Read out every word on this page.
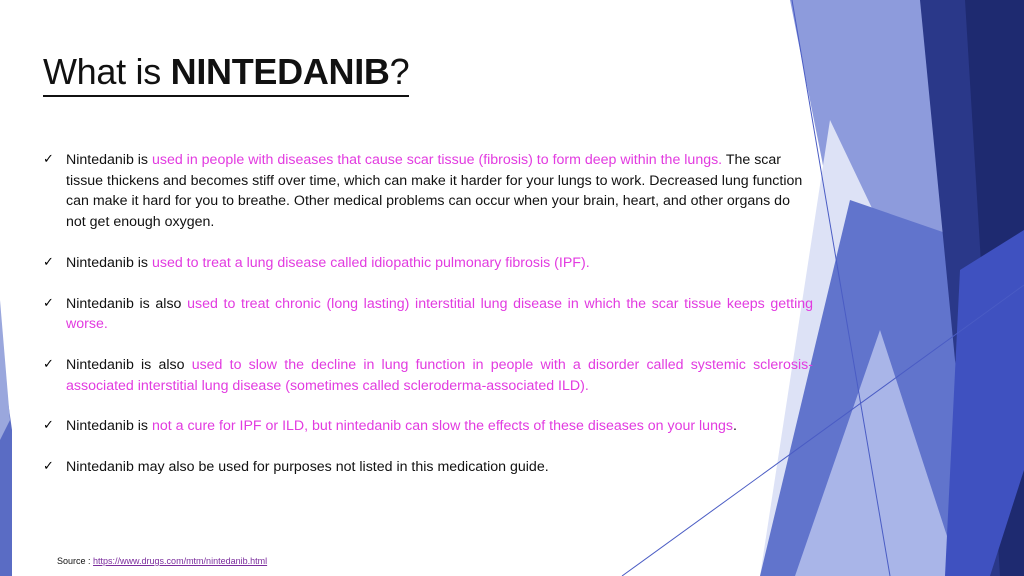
What is NINTEDANIB?
✓ Nintedanib is used in people with diseases that cause scar tissue (fibrosis) to form deep within the lungs. The scar tissue thickens and becomes stiff over time, which can make it harder for your lungs to work. Decreased lung function can make it hard for you to breathe. Other medical problems can occur when your brain, heart, and other organs do not get enough oxygen.
✓ Nintedanib is used to treat a lung disease called idiopathic pulmonary fibrosis (IPF).
✓ Nintedanib is also used to treat chronic (long lasting) interstitial lung disease in which the scar tissue keeps getting worse.
✓ Nintedanib is also used to slow the decline in lung function in people with a disorder called systemic sclerosis-associated interstitial lung disease (sometimes called scleroderma-associated ILD).
✓ Nintedanib is not a cure for IPF or ILD, but nintedanib can slow the effects of these diseases on your lungs.
✓ Nintedanib may also be used for purposes not listed in this medication guide.
Source : https://www.drugs.com/mtm/nintedanib.html
